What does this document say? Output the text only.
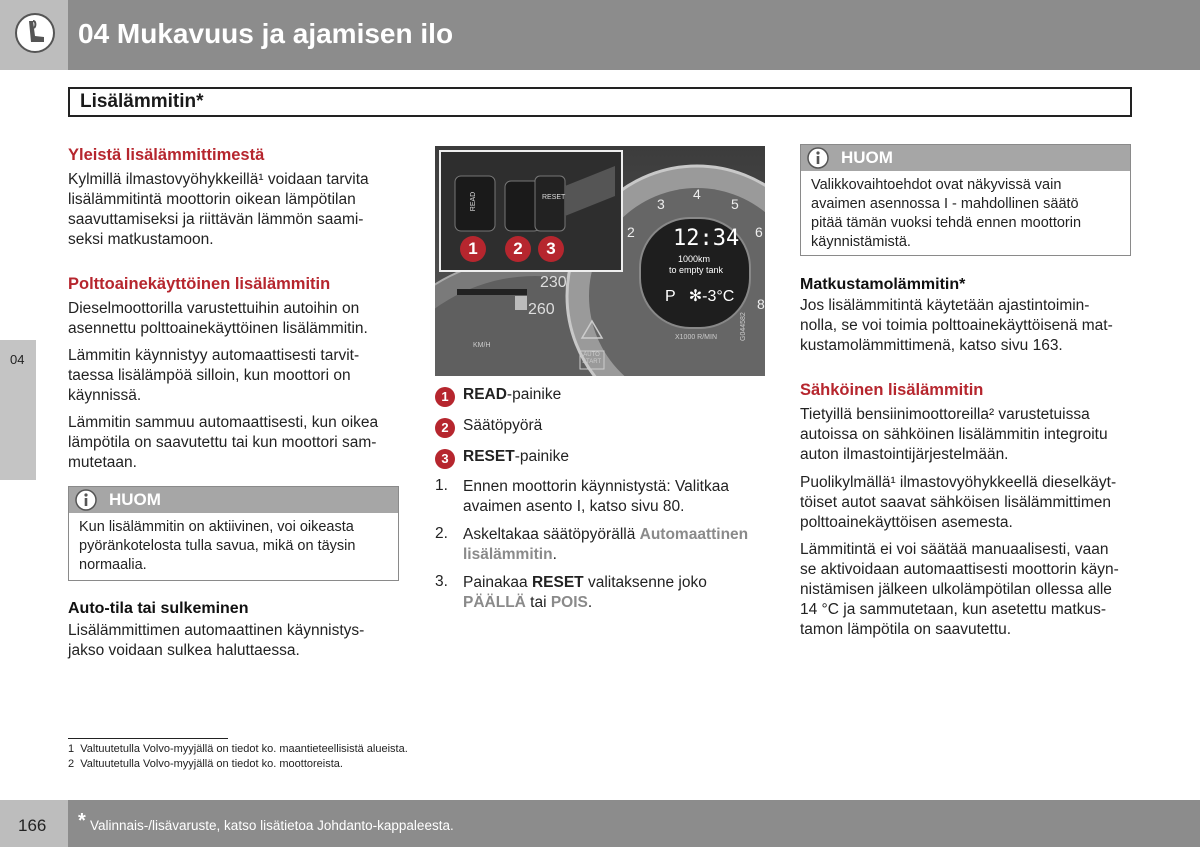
04 Mukavuus ja ajamisen ilo
Lisälämmitin*
04
Yleistä lisälämmittimestä
Kylmillä ilmastovyöhykkeillä¹ voidaan tarvita
lisälämmitintä moottorin oikean lämpötilan
saavuttamiseksi ja riittävän lämmön saami-
seksi matkustamoon.
Polttoainekäyttöinen lisälämmitin
Dieselmoottorilla varustettuihin autoihin on
asennettu polttoainekäyttöinen lisälämmitin.
Lämmitin käynnistyy automaattisesti tarvit-
taessa lisälämpöä silloin, kun moottori on
käynnissä.
Lämmitin sammuu automaattisesti, kun oikea
lämpötila on saavutettu tai kun moottori sam-
mutetaan.
HUOM
Kun lisälämmitin on aktiivinen, voi oikeasta
pyöränkotelosta tulla savua, mikä on täysin
normaalia.
Auto-tila tai sulkeminen
Lisälämmittimen automaattinen käynnistys-
jakso voidaan sulkea haluttaessa.
1	2	3
READ	RESET
12:34
1000km
to empty tank
P   ✻-3°C
230
260
2
3
4
5
6
8
KM/H
X1000 R/MIN
AUTO
START
G044582
1 READ-painike
2 Säätöpyörä
3 RESET-painike
1. Ennen moottorin käynnistystä: Valitkaa
avaimen asento I, katso sivu 80.
2. Askeltakaa säätöpyörällä Automaattinen
lisälämmitin.
3. Painakaa RESET valitaksenne joko
PÄÄLLÄ tai POIS.
HUOM
Valikkovaihtoehdot ovat näkyvissä vain
avaimen asennossa I - mahdollinen säätö
pitää tämän vuoksi tehdä ennen moottorin
käynnistämistä.
Matkustamolämmitin*
Jos lisälämmitintä käytetään ajastintoimin-
nolla, se voi toimia polttoainekäyttöisenä mat-
kustamolämmittimenä, katso sivu 163.
Sähköinen lisälämmitin
Tietyillä bensiinimoottoreilla² varustetuissa
autoissa on sähköinen lisälämmitin integroitu
auton ilmastointijärjestelmään.
Puolikylmällä¹ ilmastovyöhykkeellä dieselkäyt-
töiset autot saavat sähköisen lisälämmittimen
polttoainekäyttöisen asemesta.
Lämmitintä ei voi säätää manuaalisesti, vaan
se aktivoidaan automaattisesti moottorin käyn-
nistämisen jälkeen ulkolämpötilan ollessa alle
14 °C ja sammutetaan, kun asetettu matkus-
tamon lämpötila on saavutettu.
1 Valtuutetulla Volvo-myyjällä on tiedot ko. maantieteellisistä alueista.
2 Valtuutetulla Volvo-myyjällä on tiedot ko. moottoreista.
166 * Valinnais-/lisävaruste, katso lisätietoa Johdanto-kappaleesta.
